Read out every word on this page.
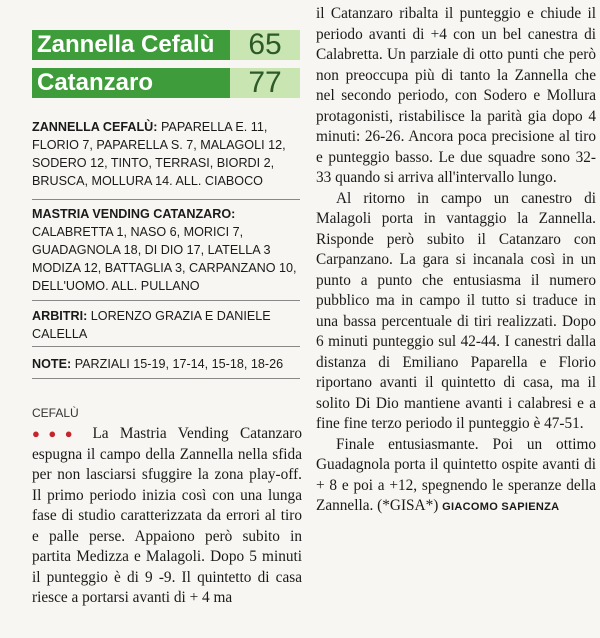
Zannella Cefalù	65
Catanzaro	77
ZANNELLA CEFALÙ: PAPARELLA E. 11, FLORIO 7, PAPARELLA S. 7, MALAGOLI 12, SODERO 12, TINTO, TERRASI, BIORDI 2, BRUSCA, MOLLURA 14. ALL. CIABOCO
MASTRIA VENDING CATANZARO: CALABRETTA 1, NASO 6, MORICI 7, GUADAGNOLA 18, DI DIO 17, LATELLA 3 MODIZA 12, BATTAGLIA 3, CARPANZANO 10, DELL'UOMO. ALL. PULLANO
ARBITRI: LORENZO GRAZIA E DANIELE CALELLA
NOTE: PARZIALI 15-19, 17-14, 15-18, 18-26
CEFALÙ

●●● La Mastria Vending Catanzaro espugna il campo della Zannella nella sfida per non lasciarsi sfuggire la zona play-off. Il primo periodo inizia così con una lunga fase di studio caratterizzata da errori al tiro e palle perse. Appaiono però subito in partita Medizza e Malagoli. Dopo 5 minuti il punteggio è di 9 -9. Il quintetto di casa riesce a portarsi avanti di + 4 ma

il Catanzaro ribalta il punteggio e chiude il periodo avanti di +4 con un bel canestra di Calabretta. Un parziale di otto punti che però non preoccupa più di tanto la Zannella che nel secondo periodo, con Sodero e Mollura protagonisti, ristabilisce la parità gia dopo 4 minuti: 26-26. Ancora poca precisione al tiro e punteggio basso. Le due squadre sono 32-33 quando si arriva all'intervallo lungo.

Al ritorno in campo un canestro di Malagoli porta in vantaggio la Zannella. Risponde però subito il Catanzaro con Carpanzano. La gara si incanala così in un punto a punto che entusiasma il numero pubblico ma in campo il tutto si traduce in una bassa percentuale di tiri realizzati. Dopo 6 minuti punteggio sul 42-44. I canestri dalla distanza di Emiliano Paparella e Florio riportano avanti il quintetto di casa, ma il solito Di Dio mantiene avanti i calabresi e a fine fine terzo periodo il punteggio è 47-51.

Finale entusiasmante. Poi un ottimo Guadagnola porta il quintetto ospite avanti di + 8 e poi a +12, spegnendo le speranze della Zannella. (*GISA*) GIACOMO SAPIENZA
